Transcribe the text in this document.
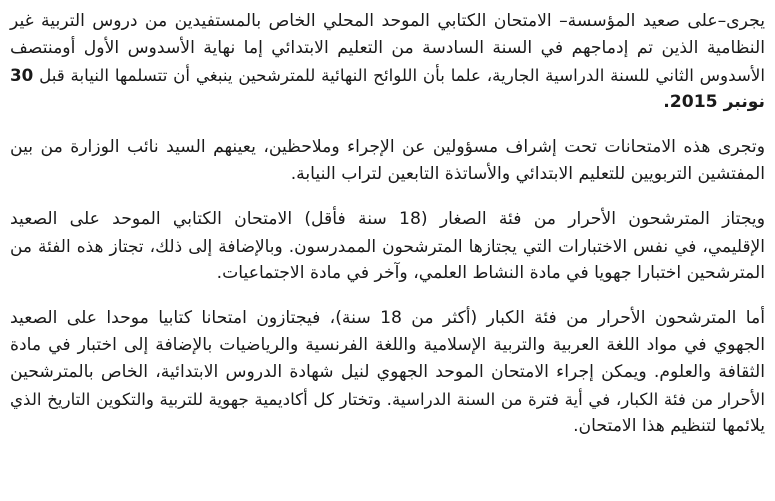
يجرى–على صعيد المؤسسة– الامتحان الكتابي الموحد المحلي الخاص بالمستفيدين من دروس التربية غير
النظامية الذين تم إدماجهم في السنة السادسة من التعليم الابتدائي إما نهاية الأسدوس الأول أومنتصف
الأسدوس الثاني للسنة الدراسية الجارية، علما بأن اللوائح النهائية للمترشحين ينبغي أن تتسلمها النيابة قبل 30
نونبر 2015.

وتجرى هذه الامتحانات تحت إشراف مسؤولين عن الإجراء وملاحظين، يعينهم السيد نائب الوزارة من بين
المفتشين التربويين للتعليم الابتدائي والأساتذة التابعين لتراب النيابة.

ويجتاز المترشحون الأحرار من فئة الصغار (18 سنة فأقل) الامتحان الكتابي الموحد على الصعيد
الإقليمي، في نفس الاختبارات التي يجتازها المترشحون الممدرسون. وبالإضافة إلى ذلك، تجتاز هذه الفئة من
المترشحين اختبارا جهويا في مادة النشاط العلمي، وآخر في مادة الاجتماعيات.

أما المترشحون الأحرار من فئة الكبار (أكثر من 18 سنة)، فيجتازون امتحانا كتابيا موحدا على الصعيد
الجهوي في مواد اللغة العربية والتربية الإسلامية واللغة الفرنسية والرياضيات بالإضافة إلى اختبار في مادة
الثقافة والعلوم. ويمكن إجراء الامتحان الموحد الجهوي لنيل شهادة الدروس الابتدائية، الخاص بالمترشحين
الأحرار من فئة الكبار، في أية فترة من السنة الدراسية. وتختار كل أكاديمية جهوية للتربية والتكوين التاريخ الذي
يلائمها لتنظيم هذا الامتحان.
